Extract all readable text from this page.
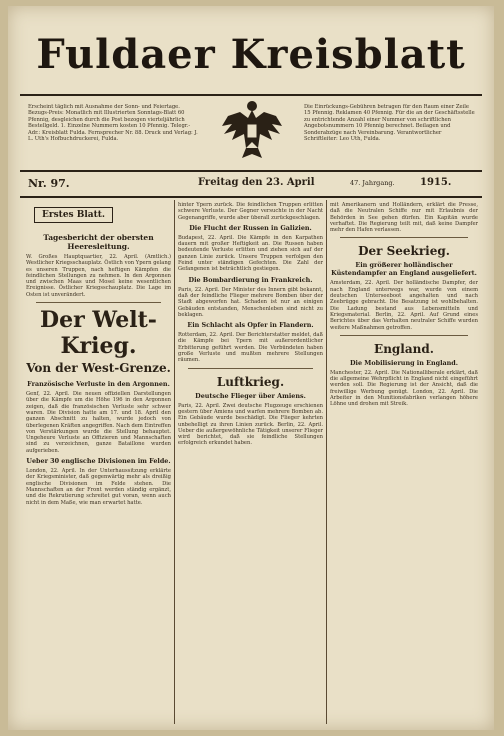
Fuldaer Kreisblatt
Erscheint täglich mit Ausnahme der Sonn- und Feiertage. Bezugs-Preis: Monatlich mit Illustrierten Sonntags-Blatt 60 Pfennig, desgleichen durch die Post bezogen vierteljährlich Bestellgeld. 1. Einzelne Nummern kosten 10 Pfennig. Telegr.-Adr.: Kreisblatt Fulda. Fernsprecher Nr. 88. Druck und Verlag: J. L. Uth's Hofbuchdruckerei, Fulda.
Die Einrückungs-Gebühren betragen für den Raum einer Zeile 15 Pfennig. Reklamen 40 Pfennig. Für die an der Geschäftsstelle zu entrichtende Anzahl einer Nummer von schriftlichen Angebotsnummern 10 Pfennig berechnet. Beilagen und Sonderabzüge nach Vereinbarung. Verantwortlicher Schriftleiter: Leo Uth, Fulda.
Nr. 97.	Freitag den 23. April	47. Jahrgang.	1915.
Erstes Blatt.
Tagesbericht der obersten Heeresleitung.

W. Großes Hauptquartier, 22. April. (Amtlich.) Westlicher Kriegsschauplatz. Östlich von Ypern gelang es unseren Truppen, nach heftigen Kämpfen die feindlichen Stellungen zu nehmen. In den Argonnen und zwischen Maas und Mosel keine wesentlichen Ereignisse. Östlicher Kriegsschauplatz. Die Lage im Osten ist unverändert.

Der Welt-Krieg.
Von der West-Grenze.
Französische Verluste in den Argonnen.

Genf, 22. April. Die neuen offiziellen Darstellungen über die Kämpfe um die Höhe 196 in den Argonnen zeigen, daß die französischen Verluste sehr schwer waren. Die Division hatte am 17. und 18. April den ganzen Abschnitt zu halten, wurde jedoch von überlegenen Kräften angegriffen. Nach dem Eintreffen von Verstärkungen wurde die Stellung behauptet. Ungeheure Verluste an Offizieren und Mannschaften sind zu verzeichnen, ganze Bataillone wurden aufgerieben.

Ueber 30 englische Divisionen im Felde.

London, 22. April. In der Unterhaussitzung erklärte der Kriegsminister, daß gegenwärtig mehr als dreißig englische Divisionen im Felde stehen. Die Mannschaften an der Front werden ständig ergänzt, und die Rekrutierung schreitet gut voran, wenn auch nicht in dem Maße, wie man erwartet hatte.

hinter Ypern zurück. Die feindlichen Truppen erlitten schwere Verluste. Der Gegner versuchte in der Nacht Gegenangriffe, wurde aber überall zurückgeschlagen.

Die Flucht der Russen in Galizien.

Budapest, 22. April. Die Kämpfe in den Karpathen dauern mit großer Heftigkeit an. Die Russen haben bedeutende Verluste erlitten und ziehen sich auf der ganzen Linie zurück. Unsere Truppen verfolgen den Feind unter ständigen Gefechten. Die Zahl der Gefangenen ist beträchtlich gestiegen.

Die Bombardierung in Frankreich.

Paris, 22. April. Der Minister des Innern gibt bekannt, daß der feindliche Flieger mehrere Bomben über der Stadt abgeworfen hat. Schaden ist nur an einigen Gebäuden entstanden, Menschenleben sind nicht zu beklagen.

Ein Schlacht als Opfer in Flandern.

Rotterdam, 22. April. Der Berichterstatter meldet, daß die Kämpfe bei Ypern mit außerordentlicher Erbitterung geführt werden. Die Verbündeten haben große Verluste und mußten mehrere Stellungen räumen.

Luftkrieg.
Deutsche Flieger über Amiens.

Paris, 22. April. Zwei deutsche Flugzeuge erschienen gestern über Amiens und warfen mehrere Bomben ab. Ein Gebäude wurde beschädigt. Die Flieger kehrten unbehelligt zu ihren Linien zurück. Berlin, 22. April. Ueber die außergewöhnliche Tätigkeit unserer Flieger wird berichtet, daß sie feindliche Stellungen erfolgreich erkundet haben.

mit Amerikanern und Holländern, erklärt die Presse, daß die Neutralen Schiffe nur mit Erlaubnis der Behörden in See gehen dürfen. Ein Kapitän wurde verhaftet. Die Regierung teilt mit, daß keine Dampfer mehr den Hafen verlassen.

Der Seekrieg.
Ein größerer holländischer Küstendampfer an England ausgeliefert.

Amsterdam, 22. April. Der holländische Dampfer, der nach England unterwegs war, wurde von einem deutschen Unterseeboot angehalten und nach Zeebrügge gebracht. Die Besatzung ist wohlbehalten. Die Ladung bestand aus Lebensmitteln und Kriegsmaterial. Berlin, 22. April. Auf Grund eines Berichtes über das Verhalten neutraler Schiffe wurden weitere Maßnahmen getroffen.

England.
Die Mobilisierung in England.

Manchester, 22. April. Die Nationalliberale erklärt, daß die allgemeine Wehrpflicht in England nicht eingeführt werden soll. Die Regierung ist der Ansicht, daß die freiwillige Werbung genügt. London, 22. April. Die Arbeiter in den Munitionsfabriken verlangen höhere Löhne und drohen mit Streik.
